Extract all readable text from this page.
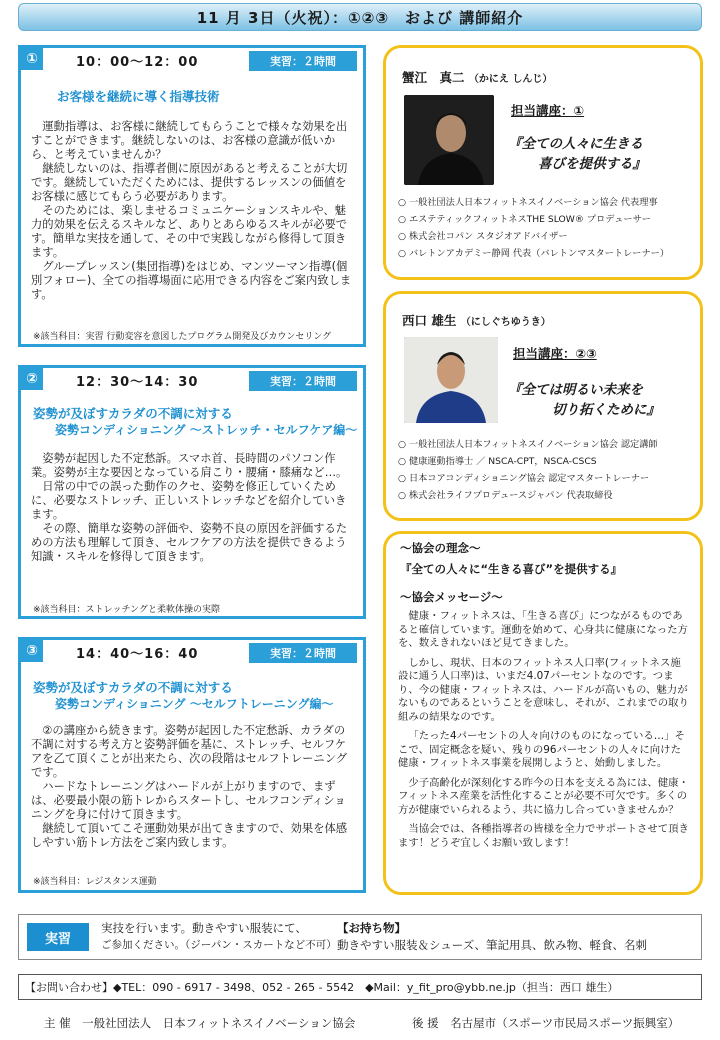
11 月 3日（火祝）：①②③　および 講師紹介
①	10：00～12：00	実習：２時間
お客様を継続に導く指導技術

運動指導は、お客様に継続してもらうことで様々な効果を出すことができます。継続しないのは、お客様の意識が低いから、と考えていませんか？

継続しないのは、指導者側に原因があると考えることが大切です。継続していただくためには、提供するレッスンの価値をお客様に感じてもらう必要があります。

そのためには、楽しませるコミュニケーションスキルや、魅力的効果を伝えるスキルなど、ありとあらゆるスキルが必要です。簡単な実技を通して、その中で実践しながら修得して頂きます。

グループレッスン(集団指導)をはじめ、マンツーマン指導(個別フォロー)、全ての指導場面に応用できる内容をご案内致します。

※該当科目：実習 行動変容を意図したプログラム開発及びカウンセリング
②	12：30～14：30	実習：２時間
姿勢が及ぼすカラダの不調に対する
姿勢コンディショニング ～ストレッチ・セルフケア編～

姿勢が起因した不定愁訴。スマホ首、長時間のパソコン作業。姿勢が主な要因となっている肩こり・腰痛・膝痛など…。

日常の中での誤った動作のクセ、姿勢を修正していくために、必要なストレッチ、正しいストレッチなどを紹介していきます。

その際、簡単な姿勢の評価や、姿勢不良の原因を評価するための方法も理解して頂き、セルフケアの方法を提供できるよう知識・スキルを修得して頂きます。

※該当科目：ストレッチングと柔軟体操の実際
③	14：40～16：40	実習：２時間
姿勢が及ぼすカラダの不調に対する
姿勢コンディショニング ～セルフトレーニング編～

②の講座から続きます。姿勢が起因した不定愁訴、カラダの不調に対する考え方と姿勢評価を基に、ストレッチ、セルフケアを乙て頂くことが出来たら、次の段階はセルフトレーニングです。

ハードなトレーニングはハードルが上がりますので、まずは、必要最小限の筋トレからスタートし、セルフコンディショニングを身に付けて頂きます。

継続して頂いてこそ運動効果が出てきますので、効果を体感しやすい筋トレ方法をご案内致します。

※該当科目：レジスタンス運動
蟹江　真二 （かにえ しんじ）
担当講座：①
『全ての人々に生きる
喜びを提供する』
○ 一般社団法人日本フィットネスイノベーション協会 代表理事
○ エステティックフィットネスTHE SLOW® プロデューサー
○ 株式会社コパン スタジオアドバイザー
○ バレトンアカデミー静岡 代表（バレトンマスタートレーナー）
西口 雄生 （にしぐちゆうき）
担当講座：②③
『全ては明るい未来を
切り拓くために』
○ 一般社団法人日本フィットネスイノベーション協会 認定講師
○ 健康運動指導士 ／ NSCA-CPT，NSCA-CSCS
○ 日本コアコンディショニング協会 認定マスタートレーナー
○ 株式会社ライフプロデュースジャパン 代表取締役
～協会の理念～
『全ての人々に“生きる喜び”を提供する』
～協会メッセージ～

健康・フィットネスは、「生きる喜び」につながるものであると確信しています。運動を始めて、心身共に健康になった方を、数えきれないほど見てきました。

しかし、現状、日本のフィットネス人口率(フィットネス施設に通う人口率)は、いまだ4.07パーセントなのです。つまり、今の健康・フィットネスは、ハードルが高いもの、魅力がないものであるということを意味し、それが、これまでの取り組みの結果なのです。

「たった4パーセントの人々向けのものになっている…」そこで、固定概念を疑い、残りの96パーセントの人々に向けた健康・フィットネス事業を展開しようと、始動しました。

少子高齢化が深刻化する昨今の日本を支える為には、健康・フィットネス産業を活性化することが必要不可欠です。多くの方が健康でいられるよう、共に協力し合っていきませんか？

当協会では、各種指導者の皆様を全力でサポートさせて頂きます！どうぞ宜しくお願い致します！

実習
実技を行います。動きやすい服装にて、
ご参加ください。（ジーパン・スカートなど不可）
【お持ち物】
動きやすい服装＆シューズ、筆記用具、飲み物、軽食、名刺
【お問い合わせ】◆TEL：090 - 6917 - 3498、052 - 265 - 5542　◆Mail：y_fit_pro@ybb.ne.jp（担当：西口 雄生）
主 催　一般社団法人　日本フィットネスイノベーション協会	後 援　名古屋市（スポーツ市民局スポーツ振興室）
